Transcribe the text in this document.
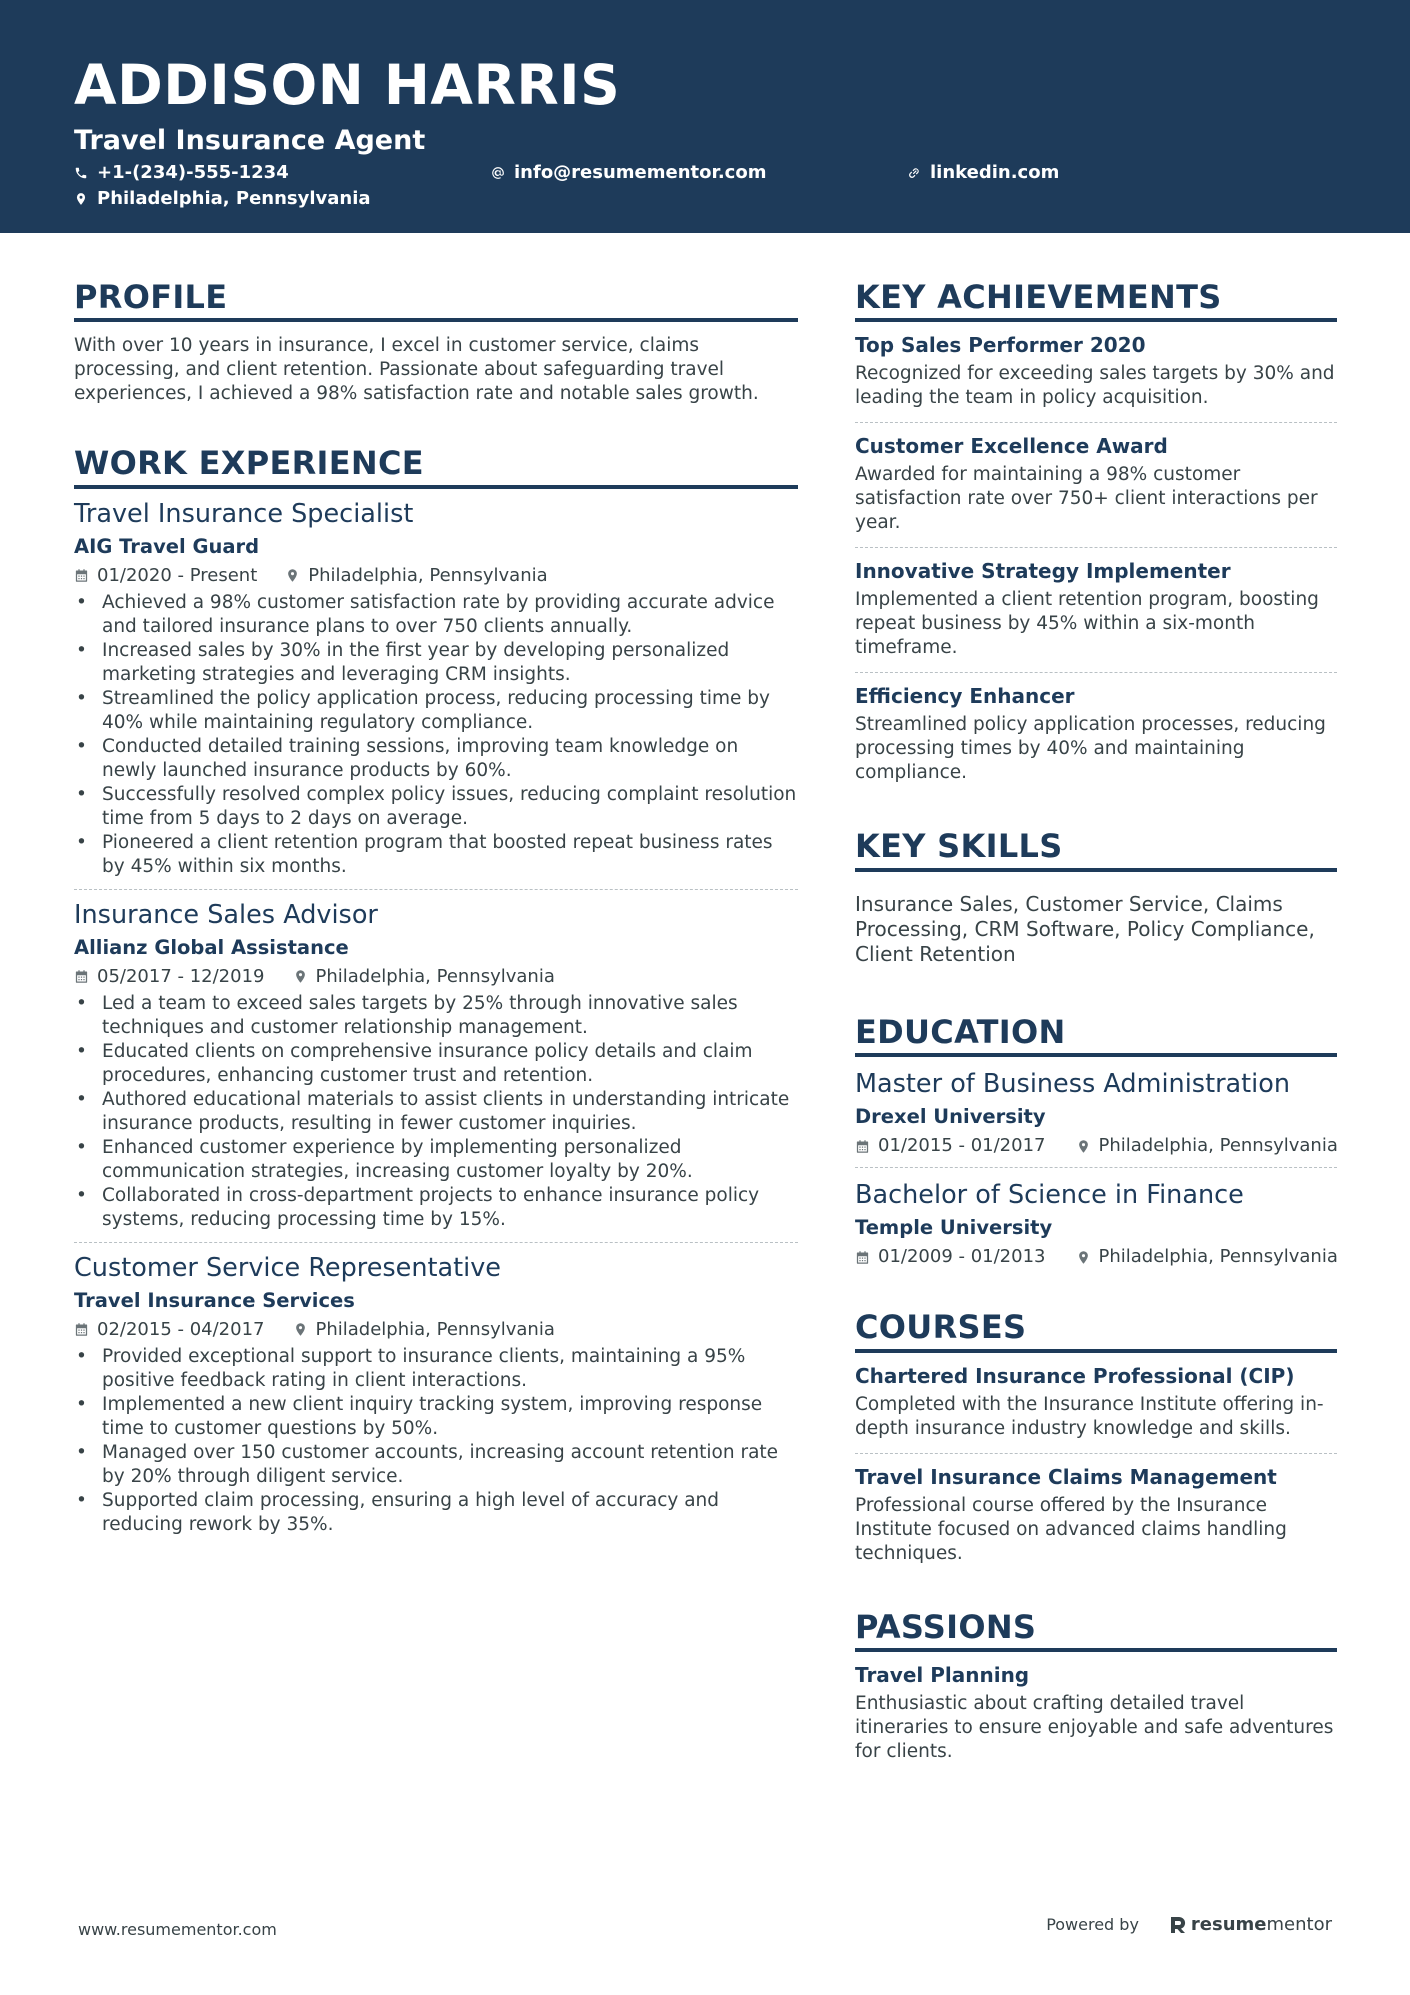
ADDISON HARRIS
Travel Insurance Agent
+1-(234)-555-1234	info@resumementor.com	linkedin.com
Philadelphia, Pennsylvania
PROFILE
With over 10 years in insurance, I excel in customer service, claims processing, and client retention. Passionate about safeguarding travel experiences, I achieved a 98% satisfaction rate and notable sales growth.
WORK EXPERIENCE
Travel Insurance Specialist
AIG Travel Guard
01/2020 - Present	Philadelphia, Pennsylvania
• Achieved a 98% customer satisfaction rate by providing accurate advice and tailored insurance plans to over 750 clients annually.
• Increased sales by 30% in the first year by developing personalized marketing strategies and leveraging CRM insights.
• Streamlined the policy application process, reducing processing time by 40% while maintaining regulatory compliance.
• Conducted detailed training sessions, improving team knowledge on newly launched insurance products by 60%.
• Successfully resolved complex policy issues, reducing complaint resolution time from 5 days to 2 days on average.
• Pioneered a client retention program that boosted repeat business rates by 45% within six months.
Insurance Sales Advisor
Allianz Global Assistance
05/2017 - 12/2019	Philadelphia, Pennsylvania
• Led a team to exceed sales targets by 25% through innovative sales techniques and customer relationship management.
• Educated clients on comprehensive insurance policy details and claim procedures, enhancing customer trust and retention.
• Authored educational materials to assist clients in understanding intricate insurance products, resulting in fewer customer inquiries.
• Enhanced customer experience by implementing personalized communication strategies, increasing customer loyalty by 20%.
• Collaborated in cross-department projects to enhance insurance policy systems, reducing processing time by 15%.
Customer Service Representative
Travel Insurance Services
02/2015 - 04/2017	Philadelphia, Pennsylvania
• Provided exceptional support to insurance clients, maintaining a 95% positive feedback rating in client interactions.
• Implemented a new client inquiry tracking system, improving response time to customer questions by 50%.
• Managed over 150 customer accounts, increasing account retention rate by 20% through diligent service.
• Supported claim processing, ensuring a high level of accuracy and reducing rework by 35%.
KEY ACHIEVEMENTS
Top Sales Performer 2020
Recognized for exceeding sales targets by 30% and leading the team in policy acquisition.
Customer Excellence Award
Awarded for maintaining a 98% customer satisfaction rate over 750+ client interactions per year.
Innovative Strategy Implementer
Implemented a client retention program, boosting repeat business by 45% within a six-month timeframe.
Efficiency Enhancer
Streamlined policy application processes, reducing processing times by 40% and maintaining compliance.
KEY SKILLS
Insurance Sales, Customer Service, Claims Processing, CRM Software, Policy Compliance, Client Retention
EDUCATION
Master of Business Administration
Drexel University
01/2015 - 01/2017	Philadelphia, Pennsylvania
Bachelor of Science in Finance
Temple University
01/2009 - 01/2013	Philadelphia, Pennsylvania
COURSES
Chartered Insurance Professional (CIP)
Completed with the Insurance Institute offering in-depth insurance industry knowledge and skills.
Travel Insurance Claims Management
Professional course offered by the Insurance Institute focused on advanced claims handling techniques.
PASSIONS
Travel Planning
Enthusiastic about crafting detailed travel itineraries to ensure enjoyable and safe adventures for clients.
www.resumementor.com	Powered by	resume mentor
